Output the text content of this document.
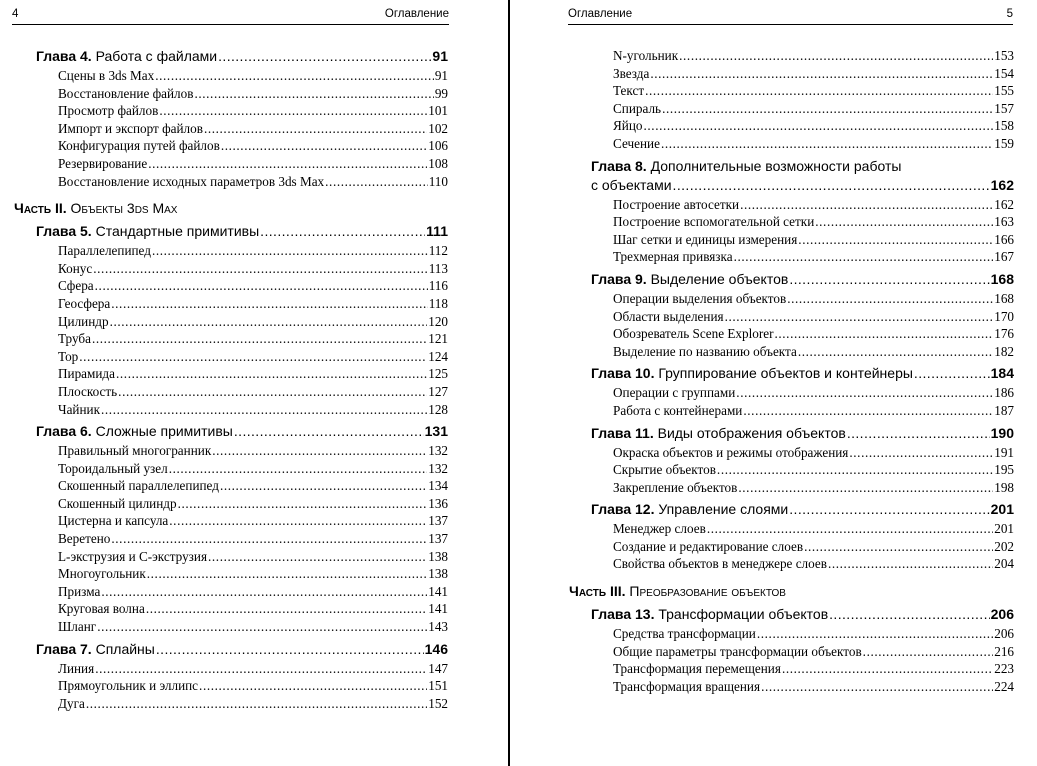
4	Оглавление
Глава 4. Работа с файлами .....	91
Сцены в 3ds Max .....	91
Восстановление файлов .....	99
Просмотр файлов .....	101
Импорт и экспорт файлов .....	102
Конфигурация путей файлов .....	106
Резервирование .....	108
Восстановление исходных параметров 3ds Max .....	110
Часть II. Объекты 3ds Max
Глава 5. Стандартные примитивы .....	111
Параллелепипед .....	112
Конус .....	113
Сфера .....	116
Геосфера .....	118
Цилиндр .....	120
Труба .....	121
Тор .....	124
Пирамида .....	125
Плоскость .....	127
Чайник .....	128
Глава 6. Сложные примитивы .....	131
Правильный многогранник .....	132
Тороидальный узел .....	132
Скошенный параллелепипед .....	134
Скошенный цилиндр .....	136
Цистерна и капсула .....	137
Веретено .....	137
L-экструзия и С-экструзия .....	138
Многоугольник .....	138
Призма .....	141
Круговая волна .....	141
Шланг .....	143
Глава 7. Сплайны .....	146
Линия .....	147
Прямоугольник и эллипс .....	151
Дуга .....	152
Оглавление	5
N-угольник .....	153
Звезда .....	154
Текст .....	155
Спираль .....	157
Яйцо .....	158
Сечение .....	159
Глава 8. Дополнительные возможности работы
с объектами .....	162
Построение автосетки .....	162
Построение вспомогательной сетки .....	163
Шаг сетки и единицы измерения .....	166
Трехмерная привязка .....	167
Глава 9. Выделение объектов .....	168
Операции выделения объектов .....	168
Области выделения .....	170
Обозреватель Scene Explorer .....	176
Выделение по названию объекта .....	182
Глава 10. Группирование объектов и контейнеры .....	184
Операции с группами .....	186
Работа с контейнерами .....	187
Глава 11. Виды отображения объектов .....	190
Окраска объектов и режимы отображения .....	191
Скрытие объектов .....	195
Закрепление объектов .....	198
Глава 12. Управление слоями .....	201
Менеджер слоев .....	201
Создание и редактирование слоев .....	202
Свойства объектов в менеджере слоев .....	204
Часть III. Преобразование объектов
Глава 13. Трансформации объектов .....	206
Средства трансформации .....	206
Общие параметры трансформации объектов .....	216
Трансформация перемещения .....	223
Трансформация вращения .....	224
